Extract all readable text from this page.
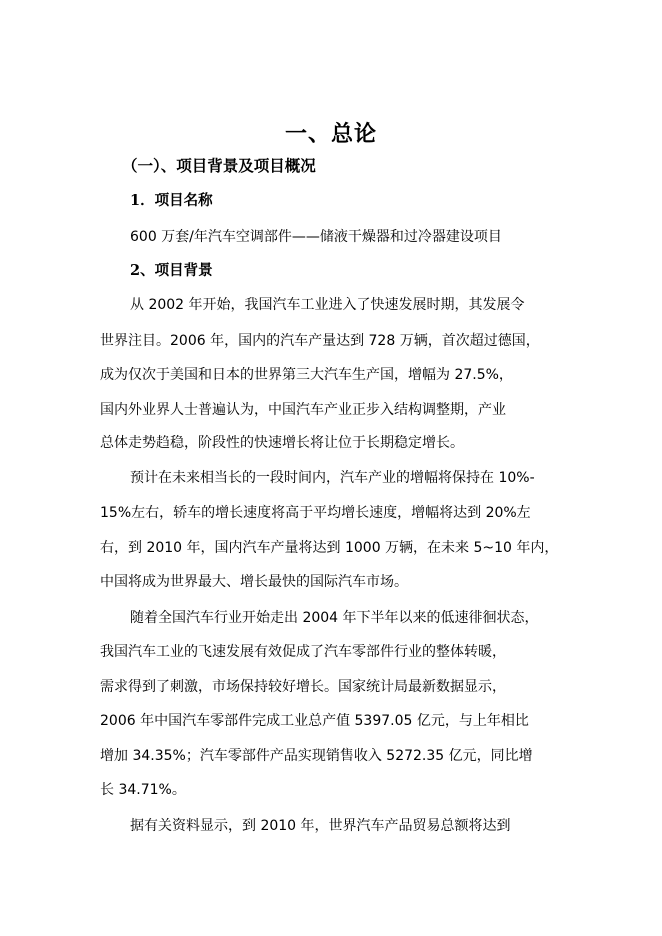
一、总论
（一）、项目背景及项目概况
1．项目名称
600 万套/年汽车空调部件——储液干燥器和过冷器建设项目
2、项目背景
从 2002 年开始，我国汽车工业进入了快速发展时期，其发展令
世界注目。2006 年，国内的汽车产量达到 728 万辆，首次超过德国，
成为仅次于美国和日本的世界第三大汽车生产国，增幅为 27.5%，
国内外业界人士普遍认为，中国汽车产业正步入结构调整期，产业
总体走势趋稳，阶段性的快速增长将让位于长期稳定增长。
预计在未来相当长的一段时间内，汽车产业的增幅将保持在 10%-
15%左右，轿车的增长速度将高于平均增长速度，增幅将达到 20%左
右，到 2010 年，国内汽车产量将达到 1000 万辆，在未来 5~10 年内，
中国将成为世界最大、增长最快的国际汽车市场。
随着全国汽车行业开始走出 2004 年下半年以来的低速徘徊状态，
我国汽车工业的飞速发展有效促成了汽车零部件行业的整体转暖，
需求得到了刺激，市场保持较好增长。国家统计局最新数据显示，
2006 年中国汽车零部件完成工业总产值 5397.05 亿元，与上年相比
增加 34.35%；汽车零部件产品实现销售收入 5272.35 亿元，同比增
长 34.71%。
据有关资料显示，到 2010 年，世界汽车产品贸易总额将达到
